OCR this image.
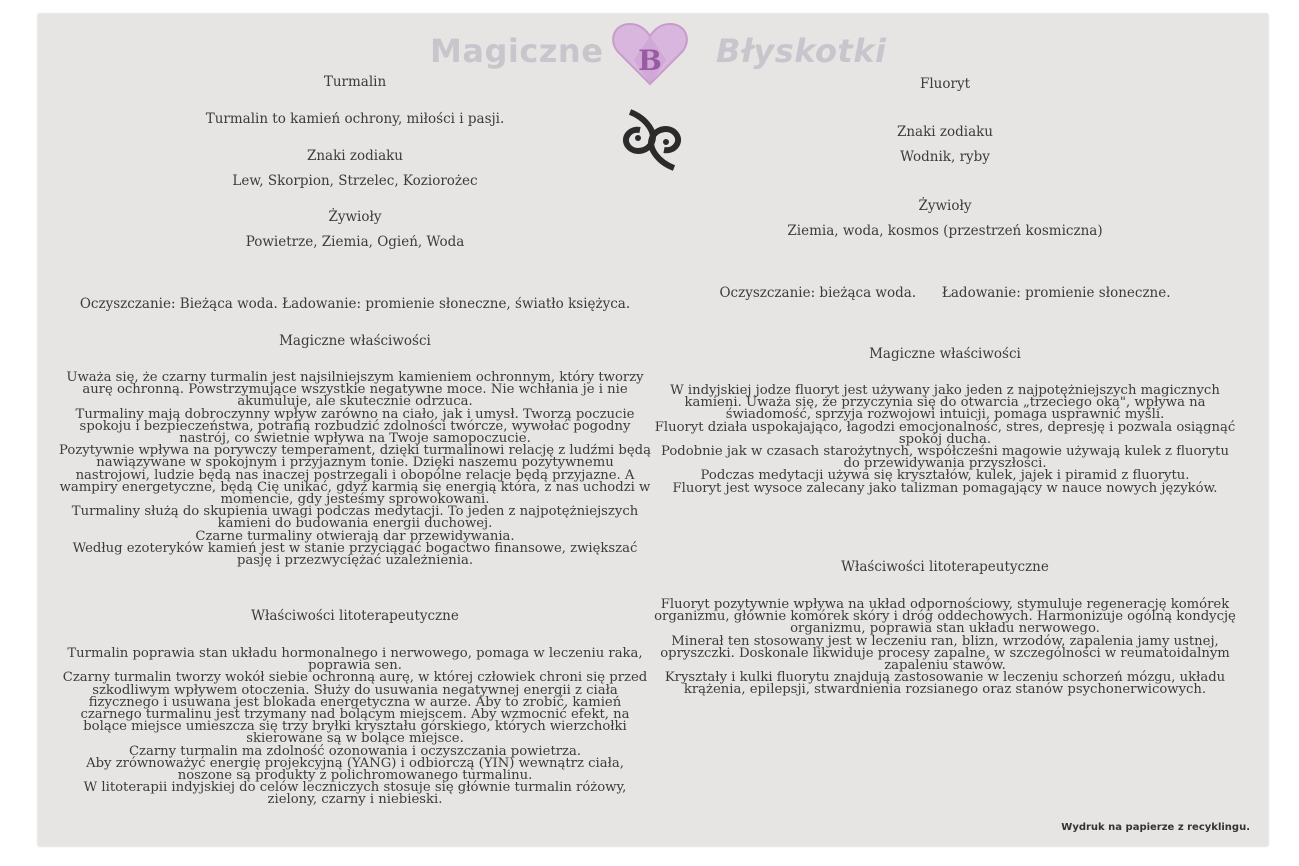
Magiczne B Błyskotki

Turmalin

Turmalin to kamień ochrony, miłości i pasji.

Znaki zodiaku

Lew, Skorpion, Strzelec, Koziorożec

Żywioły

Powietrze, Ziemia, Ogień, Woda

Oczyszczanie: Bieżąca woda. Ładowanie: promienie słoneczne, światło księżyca.

Magiczne właściwości

Uważa się, że czarny turmalin jest najsilniejszym kamieniem ochronnym, który tworzy

aurę ochronną. Powstrzymujące wszystkie negatywne moce. Nie wchłania je i nie

akumuluje, ale skutecznie odrzuca.

Turmaliny mają dobroczynny wpływ zarówno na ciało, jak i umysł. Tworzą poczucie

spokoju i bezpieczeństwa, potrafią rozbudzić zdolności twórcze, wywołać pogodny

nastrój, co świetnie wpływa na Twoje samopoczucie.

Pozytywnie wpływa na porywczy temperament, dzięki turmalinowi relację z ludźmi będą

nawiązywane w spokojnym i przyjaznym tonie. Dzięki naszemu pozytywnemu

nastrojowi, ludzie będą nas inaczej postrzegali i obopólne relacje będą przyjazne. A

wampiry energetyczne, będą Cię unikać, gdyż karmią się energią która, z nas uchodzi w

momencie, gdy jesteśmy sprowokowani.

Turmaliny służą do skupienia uwagi podczas medytacji. To jeden z najpotężniejszych

kamieni do budowania energii duchowej.

Czarne turmaliny otwierają dar przewidywania.

Według ezoteryków kamień jest w stanie przyciągać bogactwo finansowe, zwiększać

pasję i przezwyciężać uzależnienia.

Właściwości litoterapeutyczne

Turmalin poprawia stan układu hormonalnego i nerwowego, pomaga w leczeniu raka,

poprawia sen.

Czarny turmalin tworzy wokół siebie ochronną aurę, w której człowiek chroni się przed

szkodliwym wpływem otoczenia. Służy do usuwania negatywnej energii z ciała

fizycznego i usuwana jest blokada energetyczna w aurze. Aby to zrobić, kamień

czarnego turmalinu jest trzymany nad bolącym miejscem. Aby wzmocnić efekt, na

bolące miejsce umieszcza się trzy bryłki kryształu górskiego, których wierzchołki

skierowane są w bolące miejsce.

Czarny turmalin ma zdolność ozonowania i oczyszczania powietrza.

Aby zrównoważyć energię projekcyjną (YANG) i odbiorczą (YIN) wewnątrz ciała,

noszone są produkty z polichromowanego turmalinu.

W litoterapii indyjskiej do celów leczniczych stosuje się głównie turmalin różowy,

zielony, czarny i niebieski.

Fluoryt

Znaki zodiaku

Wodnik, ryby

Żywioły

Ziemia, woda, kosmos (przestrzeń kosmiczna)

Oczyszczanie: bieżąca woda.      Ładowanie: promienie słoneczne.

Magiczne właściwości

W indyjskiej jodze fluoryt jest używany jako jeden z najpotężniejszych magicznych

kamieni. Uważa się, że przyczynia się do otwarcia „trzeciego oka", wpływa na

świadomość, sprzyja rozwojowi intuicji, pomaga usprawnić myśli.

Fluoryt działa uspokajająco, łagodzi emocjonalność, stres, depresję i pozwala osiągnąć

spokój ducha.

Podobnie jak w czasach starożytnych, współcześni magowie używają kulek z fluorytu

do przewidywania przyszłości.

Podczas medytacji używa się kryształów, kulek, jajek i piramid z fluorytu.

Fluoryt jest wysoce zalecany jako talizman pomagający w nauce nowych języków.

Właściwości litoterapeutyczne

Fluoryt pozytywnie wpływa na układ odpornościowy, stymuluje regenerację komórek

organizmu, głównie komórek skóry i dróg oddechowych. Harmonizuje ogólną kondycję

organizmu, poprawia stan układu nerwowego.

Minerał ten stosowany jest w leczeniu ran, blizn, wrzodów, zapalenia jamy ustnej,

opryszczki. Doskonale likwiduje procesy zapalne, w szczególności w reumatoidalnym

zapaleniu stawów.

Kryształy i kulki fluorytu znajdują zastosowanie w leczeniu schorzeń mózgu, układu

krążenia, epilepsji, stwardnienia rozsianego oraz stanów psychonerwicowych.

Wydruk na papierze z recyklingu.
